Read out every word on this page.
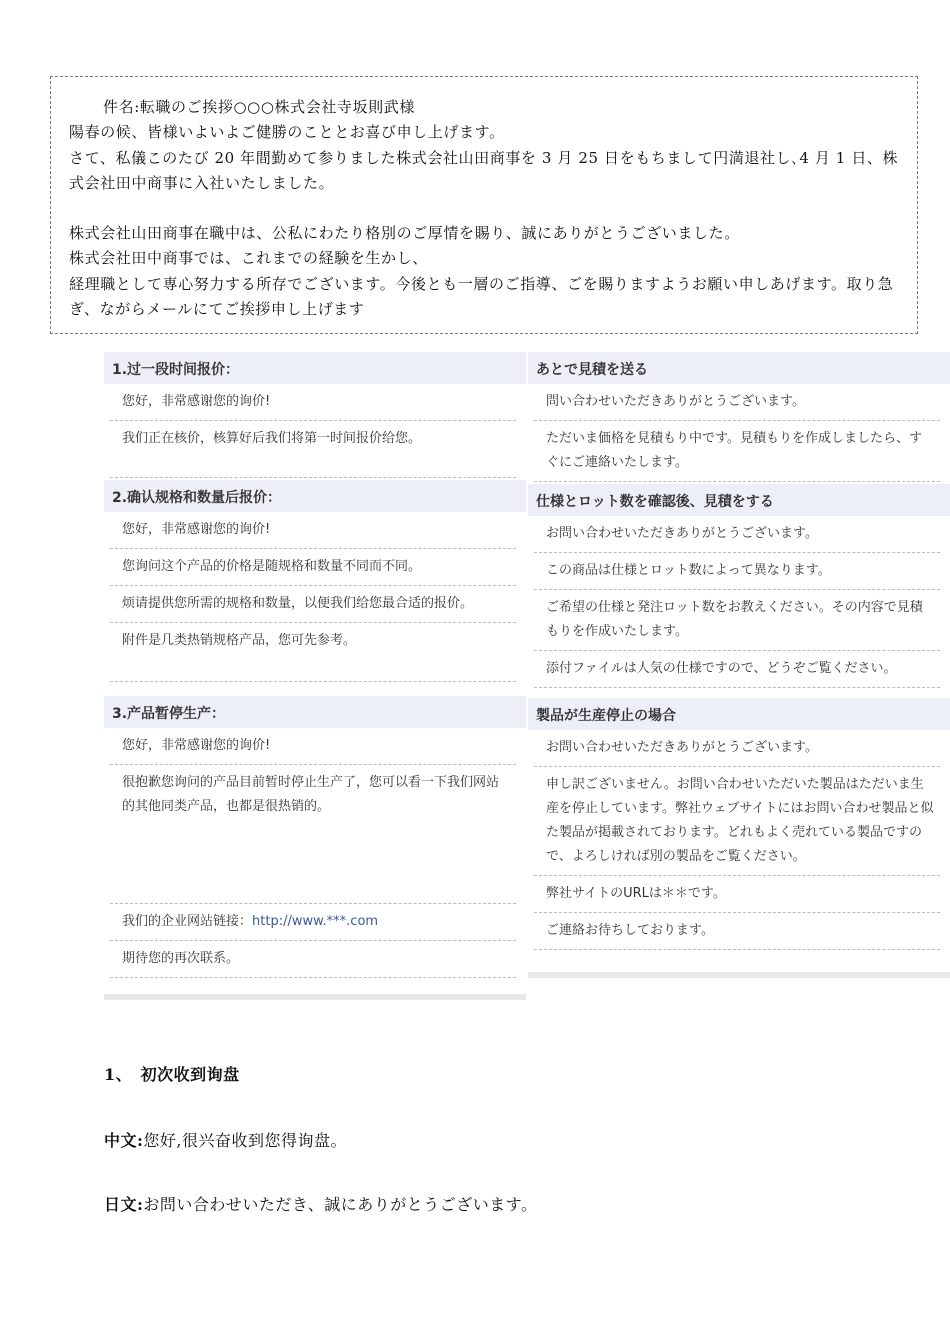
件名:転職のご挨拶○○○株式会社寺坂則武様

陽春の候、皆様いよいよご健勝のこととお喜び申し上げます。

さて、私儀このたび 20 年間勤めて参りました株式会社山田商事を 3 月 25 日をもちまして円満退社し､4 月 1 日、株式会社田中商事に入社いたしました。

株式会社山田商事在職中は、公私にわたり格別のご厚情を賜り、誠にありがとうございました。

株式会社田中商事では、これまでの経験を生かし、

経理職として専心努力する所存でございます。今後とも一層のご指導、ごを賜りますようお願い申しあげます。取り急ぎ、ながらメールにてご挨拶申し上げます

1.过一段时间报价：
您好，非常感谢您的询价!
我们正在核价，核算好后我们将第一时间报价给您。
2.确认规格和数量后报价：
您好，非常感谢您的询价!
您询问这个产品的价格是随规格和数量不同而不同。
烦请提供您所需的规格和数量，以便我们给您最合适的报价。
附件是几类热销规格产品，您可先参考。
3.产品暂停生产：
您好，非常感谢您的询价!
很抱歉您询问的产品目前暂时停止生产了，您可以看一下我们网站的其他同类产品，也都是很热销的。
我们的企业网站链接：http://www.***.com
期待您的再次联系。
あとで見積を送る
問い合わせいただきありがとうございます。
ただいま価格を見積もり中です。見積もりを作成しましたら、すぐにご連絡いたします。
仕様とロット数を確認後、見積をする
お問い合わせいただきありがとうございます。
この商品は仕様とロット数によって異なります。
ご希望の仕様と発注ロット数をお教えください。その内容で見積もりを作成いたします。
添付ファイルは人気の仕様ですので、どうぞご覧ください。
製品が生産停止の場合
お問い合わせいただきありがとうございます。
申し訳ございません。お問い合わせいただいた製品はただいま生産を停止しています。弊社ウェブサイトにはお問い合わせ製品と似た製品が掲載されております。どれもよく売れている製品ですので、よろしければ別の製品をご覧ください。
弊社サイトのURLは＊＊です。
ご連絡お待ちしております。
1、　初次收到询盘
中文:您好,很兴奋收到您得询盘。
日文:お問い合わせいただき、誠にありがとうございます。
